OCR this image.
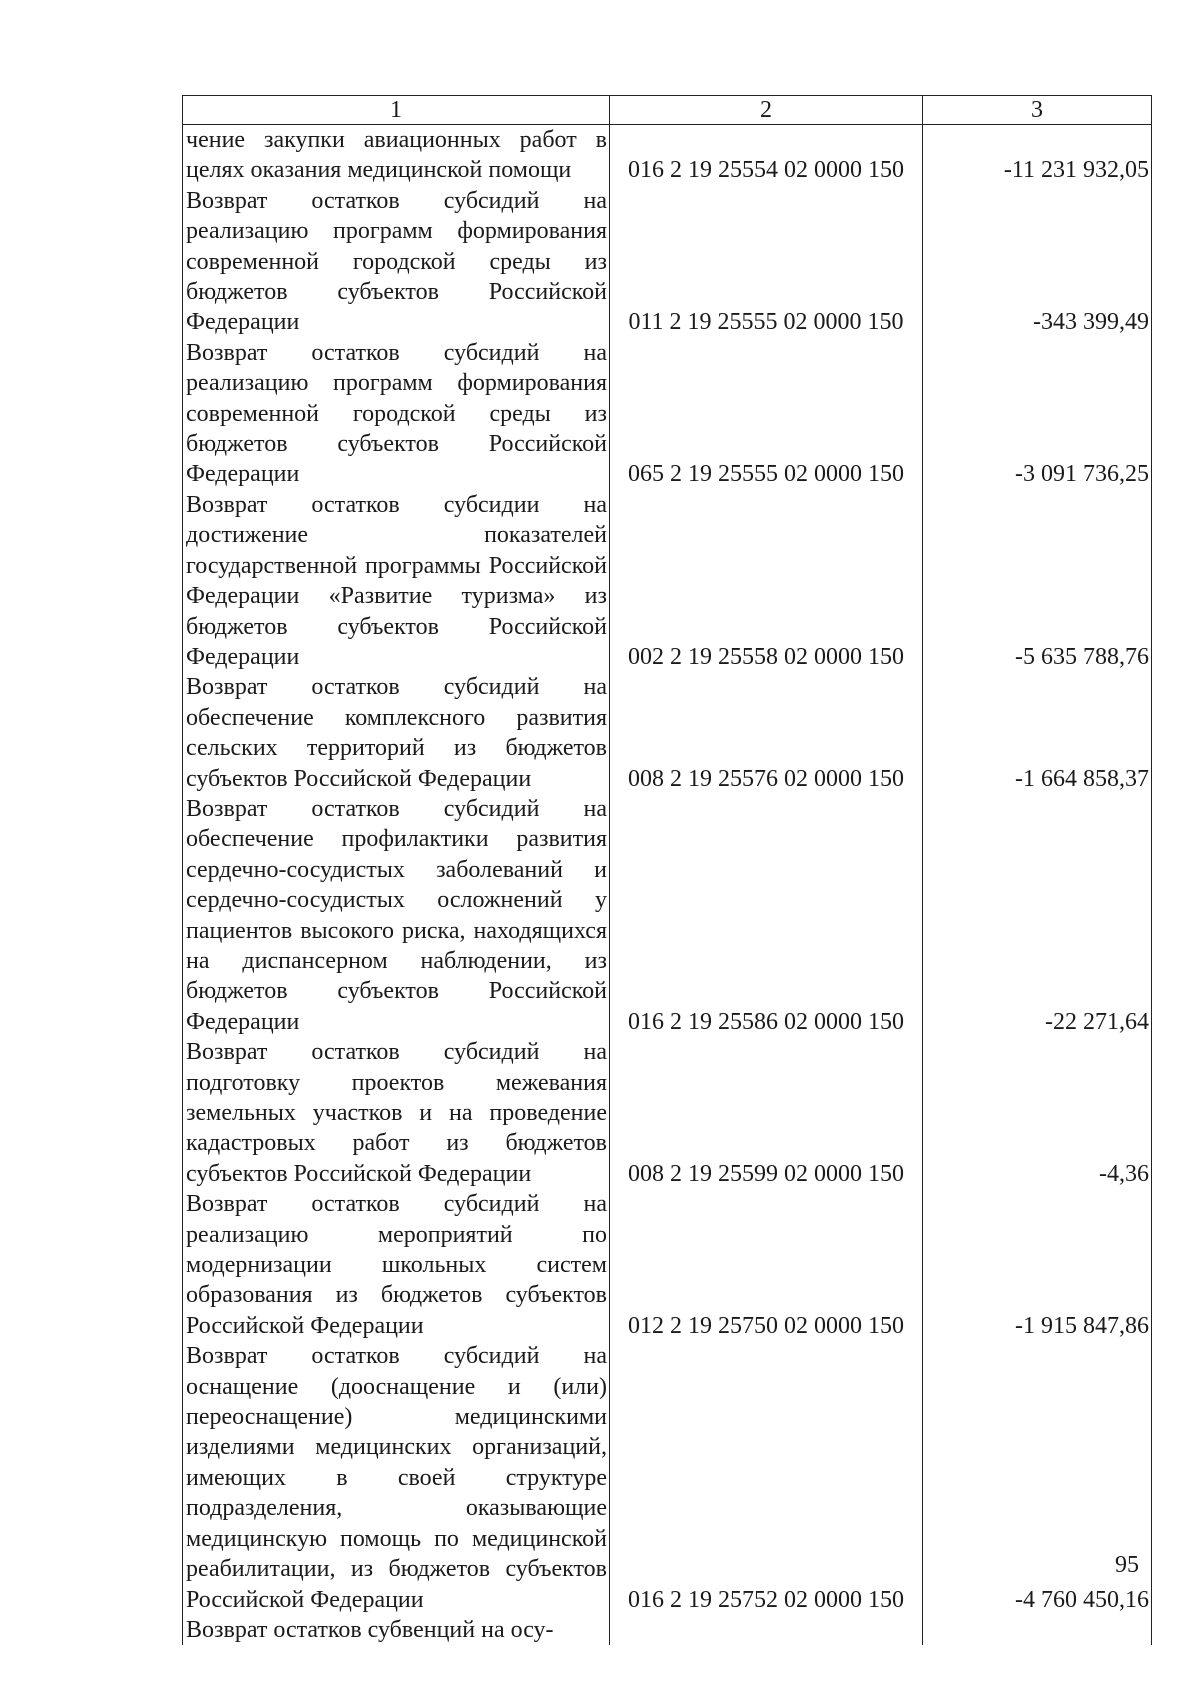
1	2	3
чение закупки авиационных работ в целях оказания медицинской помощи	016 2 19 25554 02 0000 150	-11 231 932,05
Возврат остатков субсидий на реализацию программ формирования современной городской среды из бюджетов субъектов Российской Федерации	011 2 19 25555 02 0000 150	-343 399,49
Возврат остатков субсидий на реализацию программ формирования современной городской среды из бюджетов субъектов Российской Федерации	065 2 19 25555 02 0000 150	-3 091 736,25
Возврат остатков субсидии на достижение показателей государственной программы Российской Федерации «Развитие туризма» из бюджетов субъектов Российской Федерации	002 2 19 25558 02 0000 150	-5 635 788,76
Возврат остатков субсидий на обеспечение комплексного развития сельских территорий из бюджетов субъектов Российской Федерации	008 2 19 25576 02 0000 150	-1 664 858,37
Возврат остатков субсидий на обеспечение профилактики развития сердечно-сосудистых заболеваний и сердечно-сосудистых осложнений у пациентов высокого риска, находящихся на диспансерном наблюдении, из бюджетов субъектов Российской Федерации	016 2 19 25586 02 0000 150	-22 271,64
Возврат остатков субсидий на подготовку проектов межевания земельных участков и на проведение кадастровых работ из бюджетов субъектов Российской Федерации	008 2 19 25599 02 0000 150	-4,36
Возврат остатков субсидий на реализацию мероприятий по модернизации школьных систем образования из бюджетов субъектов Российской Федерации	012 2 19 25750 02 0000 150	-1 915 847,86
Возврат остатков субсидий на оснащение (дооснащение и (или) переоснащение) медицинскими изделиями медицинских организаций, имеющих в своей структуре подразделения, оказывающие медицинскую помощь по медицинской реабилитации, из бюджетов субъектов Российской Федерации	016 2 19 25752 02 0000 150	-4 760 450,16
Возврат остатков субвенций на осу-		
95
